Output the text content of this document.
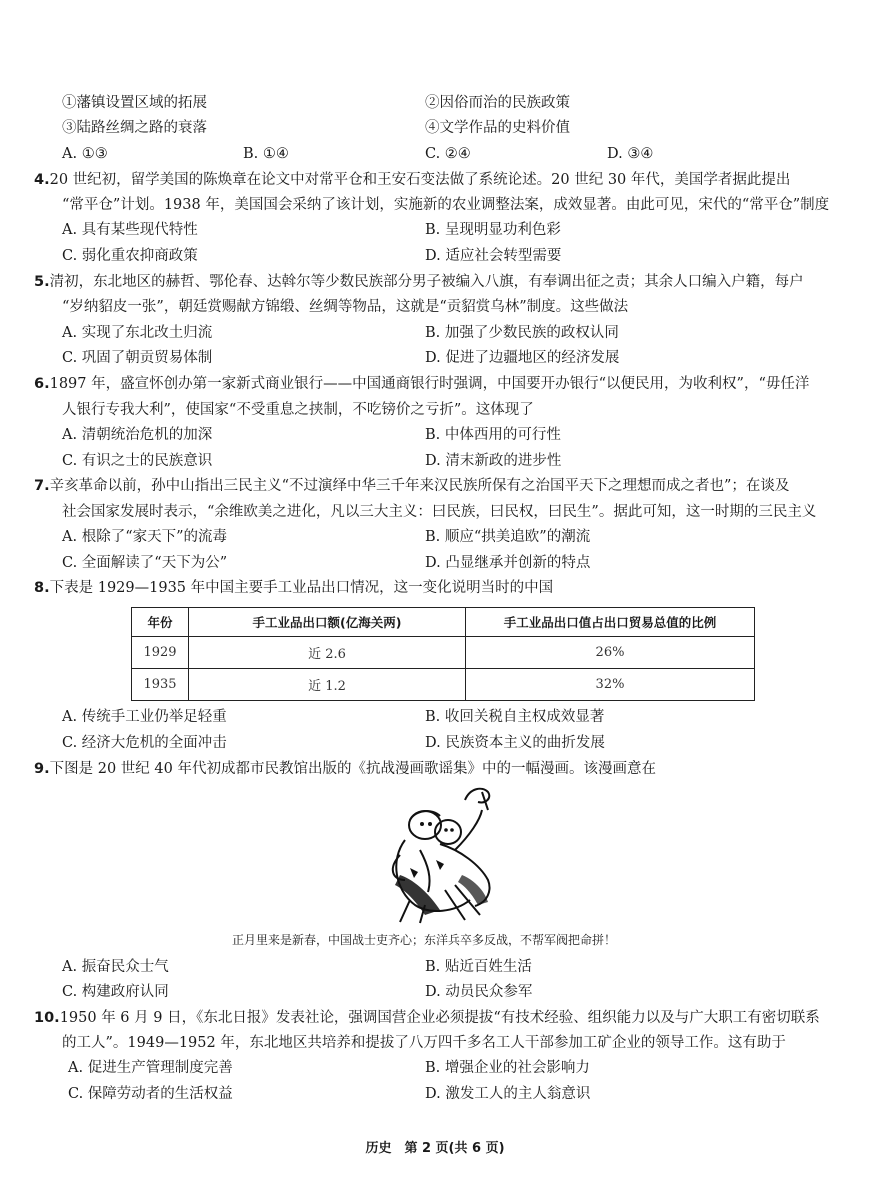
①藩镇设置区域的拓展	②因俗而治的民族政策
③陆路丝绸之路的衰落	④文学作品的史料价值
A. ①③	B. ①④	C. ②④	D. ③④
4.20 世纪初，留学美国的陈焕章在论文中对常平仓和王安石变法做了系统论述。20 世纪 30 年代，美国学者据此提出
“常平仓”计划。1938 年，美国国会采纳了该计划，实施新的农业调整法案，成效显著。由此可见，宋代的“常平仓”制度
A. 具有某些现代特性	B. 呈现明显功利色彩
C. 弱化重农抑商政策	D. 适应社会转型需要
5.清初，东北地区的赫哲、鄂伦春、达斡尔等少数民族部分男子被编入八旗，有奉调出征之责；其余人口编入户籍，每户
“岁纳貂皮一张”，朝廷赏赐献方锦缎、丝绸等物品，这就是“贡貂赏乌林”制度。这些做法
A. 实现了东北改土归流	B. 加强了少数民族的政权认同
C. 巩固了朝贡贸易体制	D. 促进了边疆地区的经济发展
6.1897 年，盛宣怀创办第一家新式商业银行——中国通商银行时强调，中国要开办银行“以便民用，为收利权”，“毋任洋
人银行专我大利”，使国家“不受重息之挟制，不吃镑价之亏折”。这体现了
A. 清朝统治危机的加深	B. 中体西用的可行性
C. 有识之士的民族意识	D. 清末新政的进步性
7.辛亥革命以前，孙中山指出三民主义“不过演绎中华三千年来汉民族所保有之治国平天下之理想而成之者也”；在谈及
社会国家发展时表示，“余维欧美之进化，凡以三大主义：曰民族，曰民权，曰民生”。据此可知，这一时期的三民主义
A. 根除了“家天下”的流毒	B. 顺应“拱美追欧”的潮流
C. 全面解读了“天下为公”	D. 凸显继承并创新的特点
8.下表是 1929—1935 年中国主要手工业品出口情况，这一变化说明当时的中国
年份	手工业品出口额(亿海关两)	手工业品出口值占出口贸易总值的比例
1929	近 2.6	26%
1935	近 1.2	32%
A. 传统手工业仍举足轻重	B. 收回关税自主权成效显著
C. 经济大危机的全面冲击	D. 民族资本主义的曲折发展
9.下图是 20 世纪 40 年代初成都市民教馆出版的《抗战漫画歌谣集》中的一幅漫画。该漫画意在
正月里来是新春，中国战士吏齐心；东洋兵卒多反战，不帮军阀把命拼！
A. 振奋民众士气	B. 贴近百姓生活
C. 构建政府认同	D. 动员民众参军
10.1950 年 6 月 9 日，《东北日报》发表社论，强调国营企业必须提拔“有技术经验、组织能力以及与广大职工有密切联系
的工人”。1949—1952 年，东北地区共培养和提拔了八万四千多名工人干部参加工矿企业的领导工作。这有助于
A. 促进生产管理制度完善	B. 增强企业的社会影响力
C. 保障劳动者的生活权益	D. 激发工人的主人翁意识
历史　第 2 页(共 6 页)
